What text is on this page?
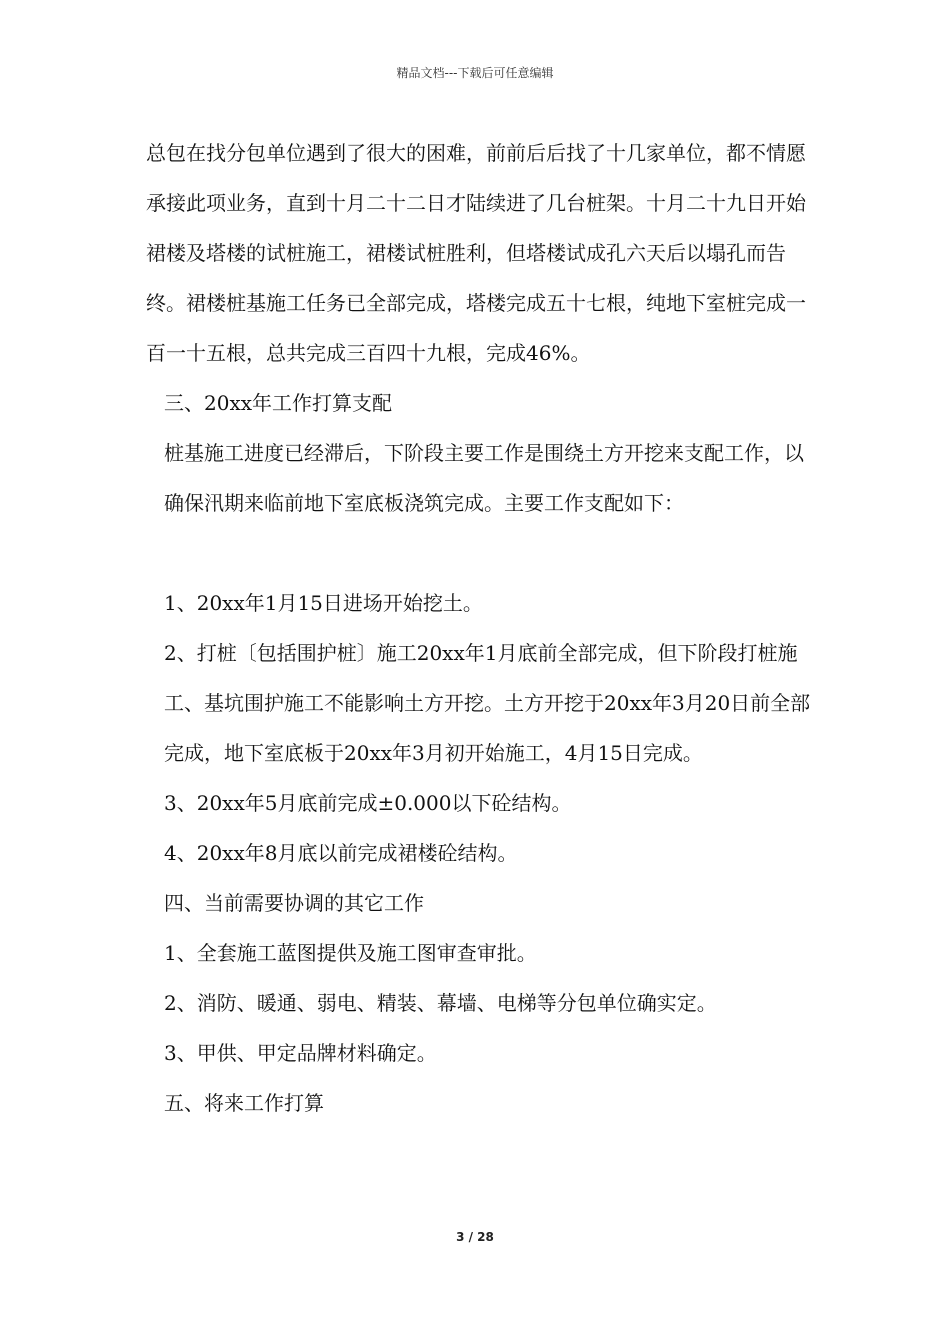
精品文档---下载后可任意编辑

总包在找分包单位遇到了很大的困难，前前后后找了十几家单位，都不情愿承接此项业务，直到十月二十二日才陆续进了几台桩架。十月二十九日开始裙楼及塔楼的试桩施工，裙楼试桩胜利，但塔楼试成孔六天后以塌孔而告终。裙楼桩基施工任务已全部完成，塔楼完成五十七根，纯地下室桩完成一百一十五根，总共完成三百四十九根，完成46%。

三、20xx年工作打算支配

桩基施工进度已经滞后，下阶段主要工作是围绕土方开挖来支配工作，以确保汛期来临前地下室底板浇筑完成。主要工作支配如下：

1、20xx年1月15日进场开始挖土。

2、打桩〔包括围护桩〕施工20xx年1月底前全部完成，但下阶段打桩施工、基坑围护施工不能影响土方开挖。土方开挖于20xx年3月20日前全部完成，地下室底板于20xx年3月初开始施工，4月15日完成。

3、20xx年5月底前完成±0.000以下砼结构。

4、20xx年8月底以前完成裙楼砼结构。

四、当前需要协调的其它工作

1、全套施工蓝图提供及施工图审查审批。

2、消防、暖通、弱电、精装、幕墙、电梯等分包单位确实定。

3、甲供、甲定品牌材料确定。

五、将来工作打算

3 / 28
